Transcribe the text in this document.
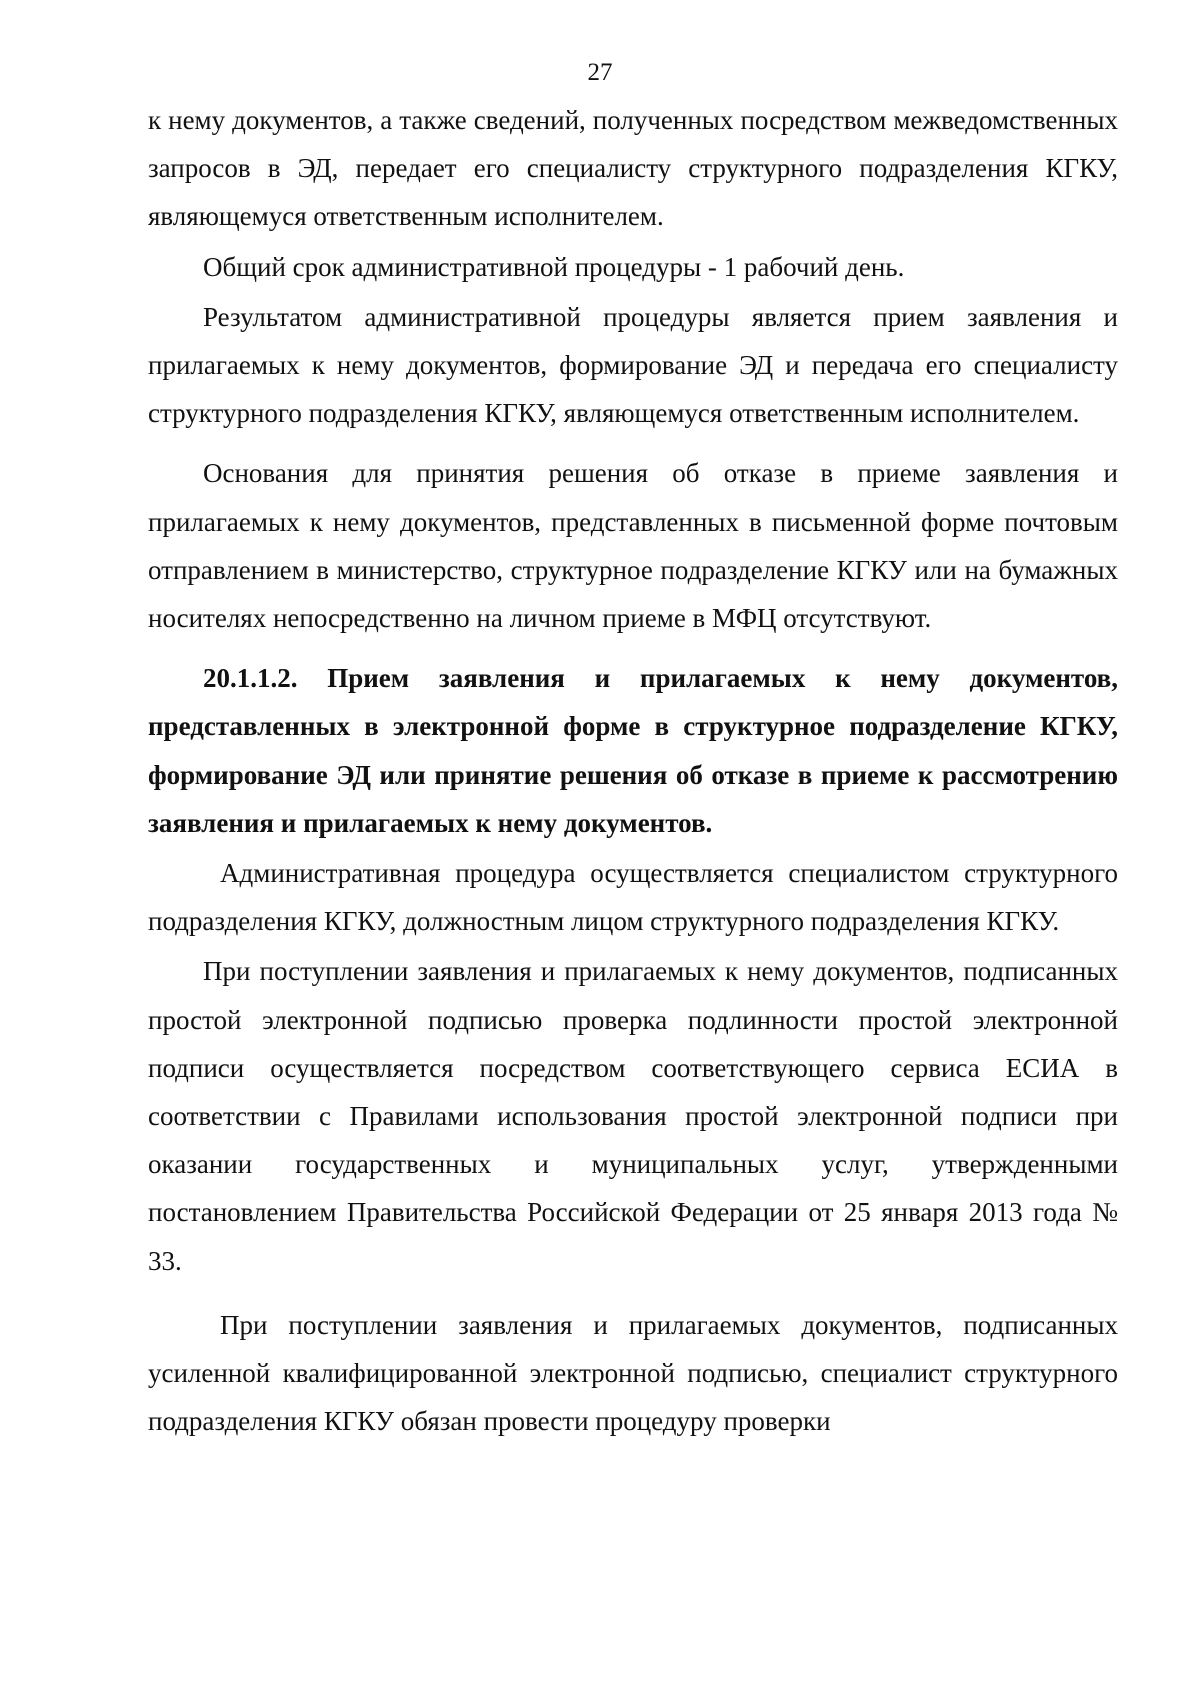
27

к нему документов, а также сведений, полученных посредством межведомственных запросов в ЭД, передает его специалисту структурного подразделения КГКУ, являющемуся ответственным исполнителем.

Общий срок административной процедуры - 1 рабочий день.

Результатом административной процедуры является прием заявления и прилагаемых к нему документов, формирование ЭД и передача его специалисту структурного подразделения КГКУ, являющемуся ответственным исполнителем.

Основания для принятия решения об отказе в приеме заявления и прилагаемых к нему документов, представленных в письменной форме почтовым отправлением в министерство, структурное подразделение КГКУ или на бумажных носителях непосредственно на личном приеме в МФЦ отсутствуют.

20.1.1.2. Прием заявления и прилагаемых к нему документов, представленных в электронной форме в структурное подразделение КГКУ, формирование ЭД или принятие решения об отказе в приеме к рассмотрению заявления и прилагаемых к нему документов.

Административная процедура осуществляется специалистом структурного подразделения КГКУ, должностным лицом структурного подразделения КГКУ.

При поступлении заявления и прилагаемых к нему документов, подписанных простой электронной подписью проверка подлинности простой электронной подписи осуществляется посредством соответствующего сервиса ЕСИА в соответствии с Правилами использования простой электронной подписи при оказании государственных и муниципальных услуг, утвержденными постановлением Правительства Российской Федерации от 25 января 2013 года № 33.

При поступлении заявления и прилагаемых документов, подписанных усиленной квалифицированной электронной подписью, специалист структурного подразделения КГКУ обязан провести процедуру проверки
